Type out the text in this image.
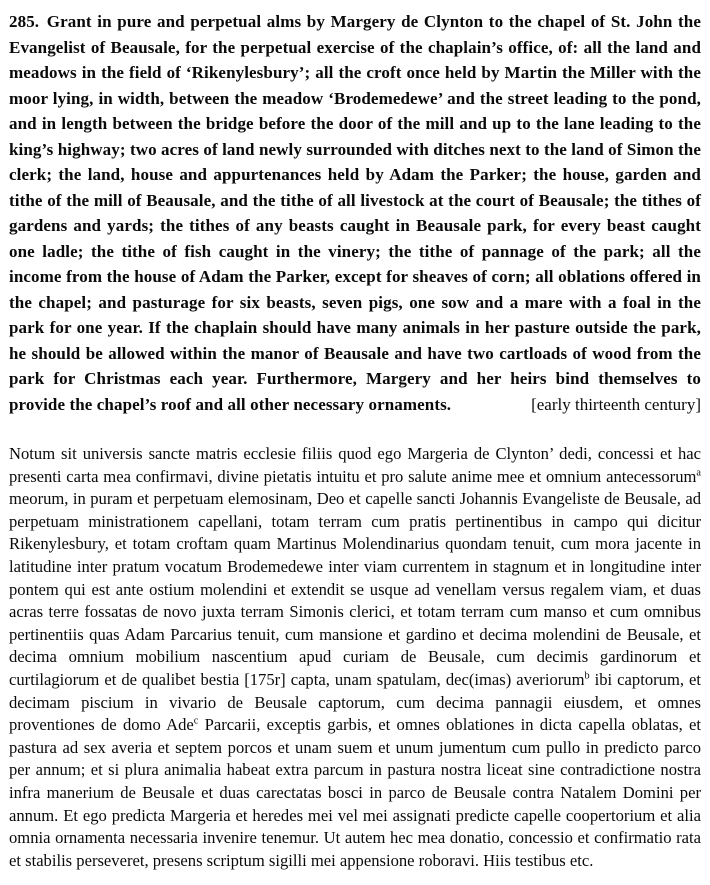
285. Grant in pure and perpetual alms by Margery de Clynton to the chapel of St. John the Evangelist of Beausale, for the perpetual exercise of the chaplain’s office, of: all the land and meadows in the field of ‘Rikenylesbury’; all the croft once held by Martin the Miller with the moor lying, in width, between the meadow ‘Brodemedewe’ and the street leading to the pond, and in length between the bridge before the door of the mill and up to the lane leading to the king’s highway; two acres of land newly surrounded with ditches next to the land of Simon the clerk; the land, house and appurtenances held by Adam the Parker; the house, garden and tithe of the mill of Beausale, and the tithe of all livestock at the court of Beausale; the tithes of gardens and yards; the tithes of any beasts caught in Beausale park, for every beast caught one ladle; the tithe of fish caught in the vinery; the tithe of pannage of the park; all the income from the house of Adam the Parker, except for sheaves of corn; all oblations offered in the chapel; and pasturage for six beasts, seven pigs, one sow and a mare with a foal in the park for one year. If the chaplain should have many animals in her pasture outside the park, he should be allowed within the manor of Beausale and have two cartloads of wood from the park for Christmas each year. Furthermore, Margery and her heirs bind themselves to provide the chapel’s roof and all other necessary ornaments.	[early thirteenth century]

Notum sit universis sancte matris ecclesie filiis quod ego Margeria de Clynton’ dedi, concessi et hac presenti carta mea confirmavi, divine pietatis intuitu et pro salute anime mee et omnium antecessorum$^a$ meorum, in puram et perpetuam elemosinam, Deo et capelle sancti Johannis Evangeliste de Beusale, ad perpetuam ministrationem capellani, totam terram cum pratis pertinentibus in campo qui dicitur Rikenylesbury, et totam croftam quam Martinus Molendinarius quondam tenuit, cum mora jacente in latitudine inter pratum vocatum Brodemedewe inter viam currentem in stagnum et in longitudine inter pontem qui est ante ostium molendini et extendit se usque ad venellam versus regalem viam, et duas acras terre fossatas de novo juxta terram Simonis clerici, et totam terram cum manso et cum omnibus pertinentiis quas Adam Parcarius tenuit, cum mansione et gardino et decima molendini de Beusale, et decima omnium mobilium nascentium apud curiam de Beusale, cum decimis gardinorum et curtilagiorum et de qualibet bestia [175r] capta, unam spatulam, dec(imas) averiorum$^b$ ibi captorum, et decimam piscium in vivario de Beusale captorum, cum decima pannagii eiusdem, et omnes proventiones de domo Ade$^c$ Parcarii, exceptis garbis, et omnes oblationes in dicta capella oblatas, et pastura ad sex averia et septem porcos et unam suem et unum jumentum cum pullo in predicto parco per annum; et si plura animalia habeat extra parcum in pastura nostra liceat sine contradictione nostra infra manerium de Beusale et duas carectatas bosci in parco de Beusale contra Natalem Domini per annum. Et ego predicta Margeria et heredes mei vel mei assignati predicte capelle coopertorium et alia omnia ornamenta necessaria invenire tenemur. Ut autem hec mea donatio, concessio et confirmatio rata et stabilis perseveret, presens scriptum sigilli mei appensione roboravi. Hiis testibus etc.
